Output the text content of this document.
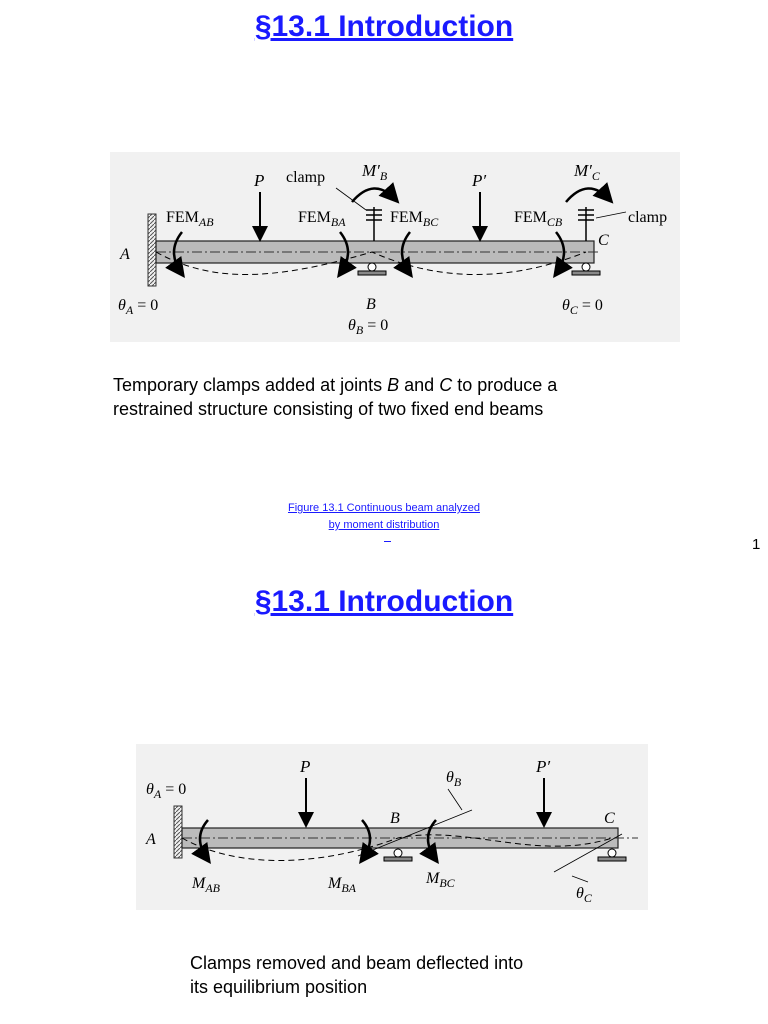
§13.1 Introduction
A
P	P′
clamp
clamp
$M'_B$	$M'_C$
$FEM_{AB}$	$FEM_{BA}$	$FEM_{BC}$	$FEM_{CB}$
C
B
$\theta_A = 0$
$\theta_B = 0$
$\theta_C = 0$
Temporary clamps added at joints B and C to produce a
restrained structure consisting of two fixed end beams
Figure 13.1 Continuous beam analyzed
by moment distribution
1
§13.1 Introduction
A
P	P′
B	C
$\theta_A = 0$
$\theta_B$
$\theta_C$
$M_{AB}$	$M_{BA}$
$M_{BC}$
Clamps removed and beam deflected into
its equilibrium position
